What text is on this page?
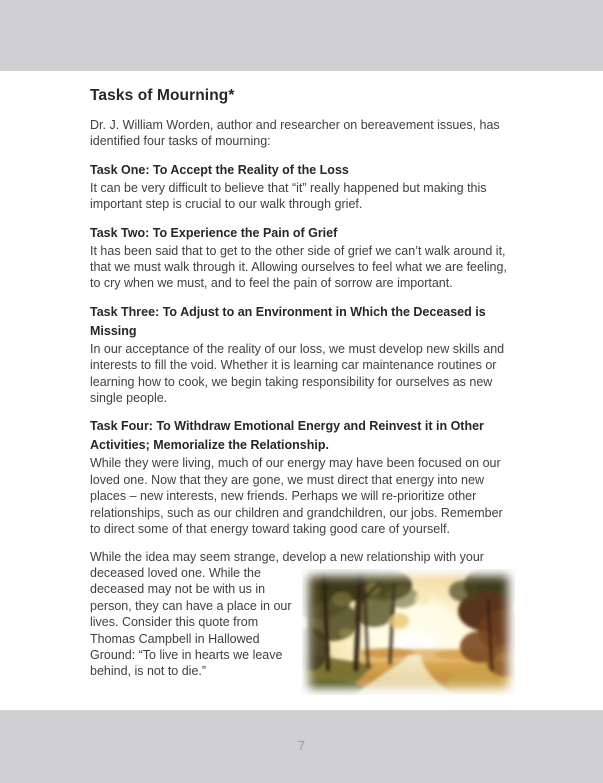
Tasks of Mourning*

Dr. J. William Worden, author and researcher on bereavement issues, has identified four tasks of mourning:

Task One: To Accept the Reality of the Loss

It can be very difficult to believe that “it” really happened but making this important step is crucial to our walk through grief.

Task Two: To Experience the Pain of Grief

It has been said that to get to the other side of grief we can’t walk around it, that we must walk through it. Allowing ourselves to feel what we are feeling, to cry when we must, and to feel the pain of sorrow are important.

Task Three: To Adjust to an Environment in Which the Deceased is Missing

In our acceptance of the reality of our loss, we must develop new skills and interests to fill the void. Whether it is learning car maintenance routines or learning how to cook, we begin taking responsibility for ourselves as new single people.

Task Four: To Withdraw Emotional Energy and Reinvest it in Other Activities; Memorialize the Relationship.

While they were living, much of our energy may have been focused on our loved one. Now that they are gone, we must direct that energy into new places – new interests, new friends. Perhaps we will re-prioritize other relationships, such as our children and grandchildren, our jobs. Remember to direct some of that energy toward taking good care of yourself.

While the idea may seem strange, develop a new relationship with your

deceased loved one. While the deceased may not be with us in person, they can have a place in our lives. Consider this quote from Thomas Campbell in Hallowed Ground: “To live in hearts we leave behind, is not to die.”

7
